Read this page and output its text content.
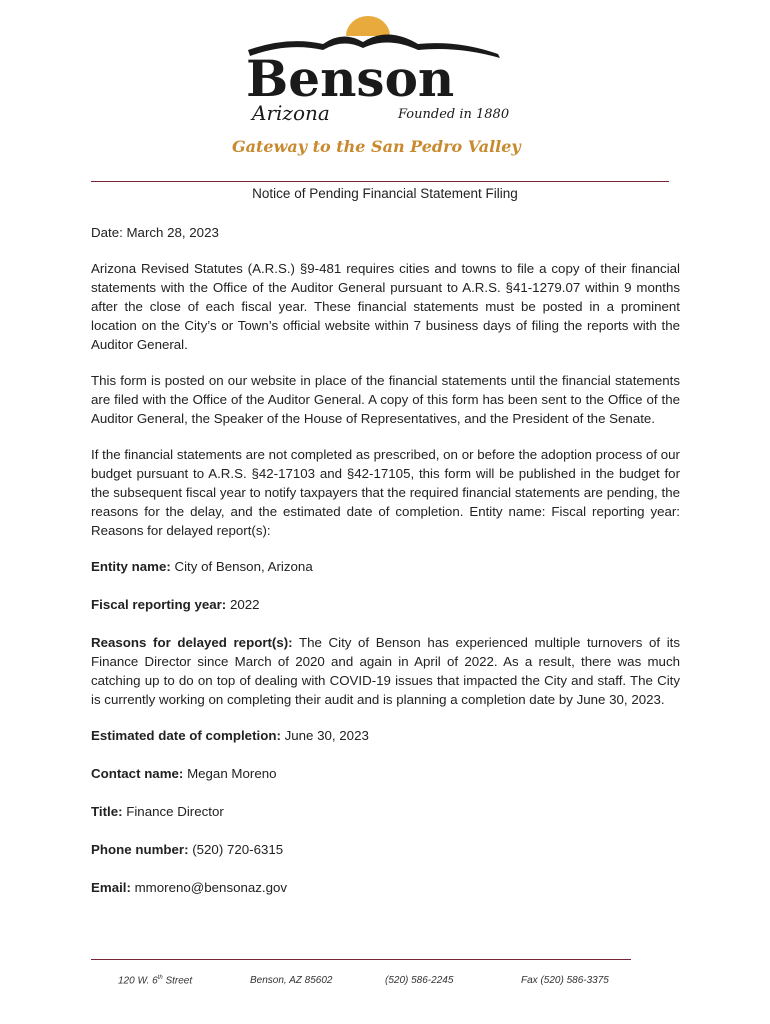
Benson
Arizona	Founded in 1880
Gateway to the San Pedro Valley
Notice of Pending Financial Statement Filing

Date: March 28, 2023

Arizona Revised Statutes (A.R.S.) §9-481 requires cities and towns to file a copy of their financial statements with the Office of the Auditor General pursuant to A.R.S. §41-1279.07 within 9 months after the close of each fiscal year. These financial statements must be posted in a prominent location on the City’s or Town’s official website within 7 business days of filing the reports with the Auditor General.

This form is posted on our website in place of the financial statements until the financial statements are filed with the Office of the Auditor General. A copy of this form has been sent to the Office of the Auditor General, the Speaker of the House of Representatives, and the President of the Senate.

If the financial statements are not completed as prescribed, on or before the adoption process of our budget pursuant to A.R.S. §42-17103 and §42-17105, this form will be published in the budget for the subsequent fiscal year to notify taxpayers that the required financial statements are pending, the reasons for the delay, and the estimated date of completion. Entity name: Fiscal reporting year: Reasons for delayed report(s):

Entity name: City of Benson, Arizona

Fiscal reporting year: 2022

Reasons for delayed report(s): The City of Benson has experienced multiple turnovers of its Finance Director since March of 2020 and again in April of 2022. As a result, there was much catching up to do on top of dealing with COVID-19 issues that impacted the City and staff. The City is currently working on completing their audit and is planning a completion date by June 30, 2023.

Estimated date of completion: June 30, 2023

Contact name: Megan Moreno

Title: Finance Director

Phone number: (520) 720-6315

Email: mmoreno@bensonaz.gov

120 W. 6th Street	Benson, AZ 85602	(520) 586-2245	Fax (520) 586-3375
